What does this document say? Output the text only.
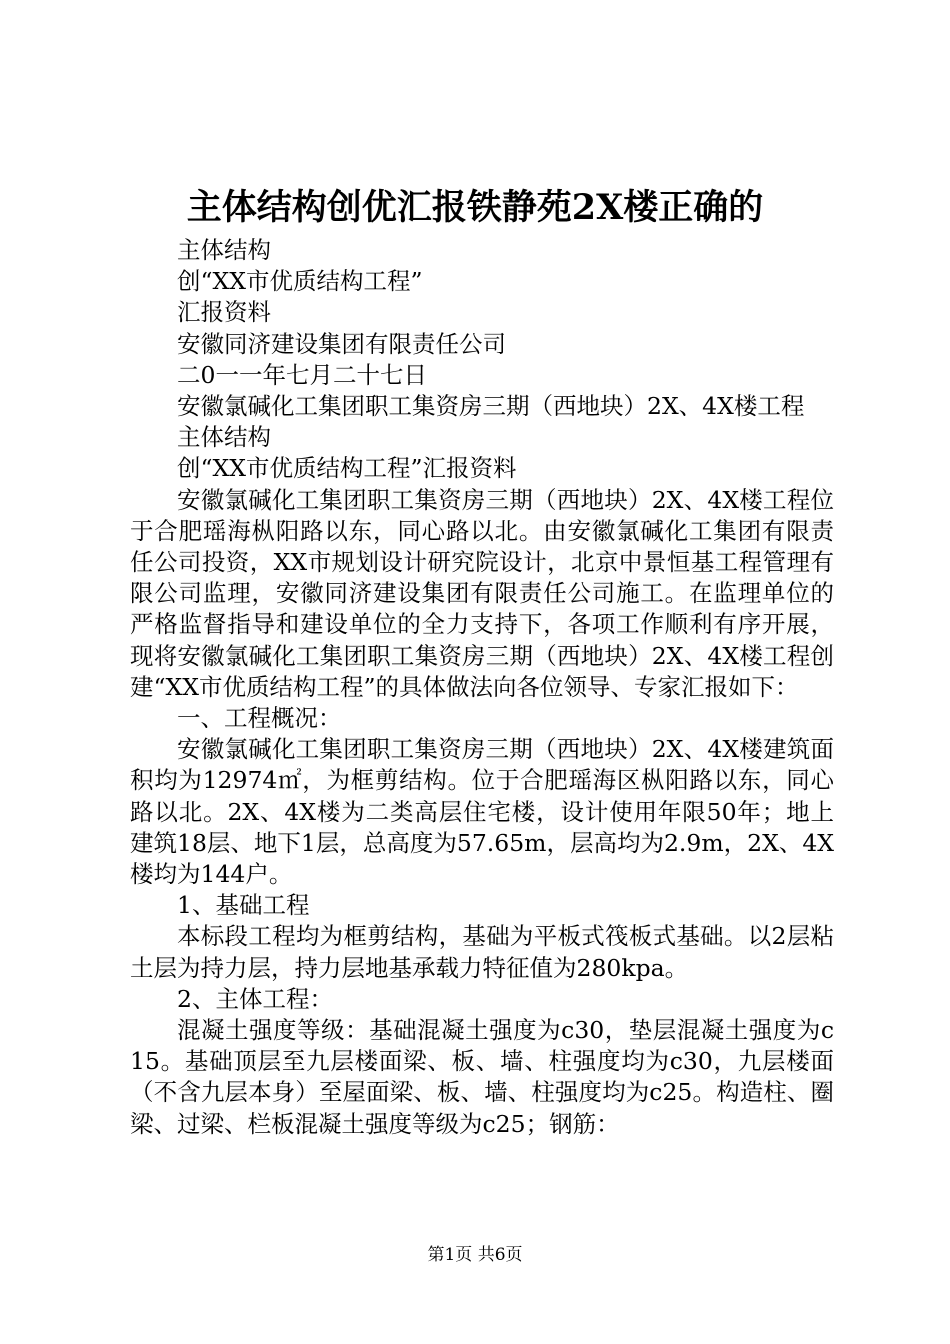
主体结构创优汇报铁静苑2X楼正确的

主体结构

创“XX市优质结构工程”

汇报资料

安徽同济建设集团有限责任公司

二0一一年七月二十七日

安徽氯碱化工集团职工集资房三期（西地块）2X、4X楼工程

主体结构

创“XX市优质结构工程”汇报资料

安徽氯碱化工集团职工集资房三期（西地块）2X、4X楼工程位于合肥瑶海枞阳路以东，同心路以北。由安徽氯碱化工集团有限责任公司投资，XX市规划设计研究院设计，北京中景恒基工程管理有限公司监理，安徽同济建设集团有限责任公司施工。在监理单位的严格监督指导和建设单位的全力支持下，各项工作顺利有序开展，现将安徽氯碱化工集团职工集资房三期（西地块）2X、4X楼工程创建“XX市优质结构工程”的具体做法向各位领导、专家汇报如下：

一、工程概况：

安徽氯碱化工集团职工集资房三期（西地块）2X、4X楼建筑面积均为12974㎡，为框剪结构。位于合肥瑶海区枞阳路以东，同心路以北。2X、4X楼为二类高层住宅楼，设计使用年限50年；地上建筑18层、地下1层，总高度为57.65m，层高均为2.9m，2X、4X楼均为144户。

1、基础工程

本标段工程均为框剪结构，基础为平板式筏板式基础。以2层粘土层为持力层，持力层地基承载力特征值为280kpa。

2、主体工程：

混凝土强度等级：基础混凝土强度为c30，垫层混凝土强度为c15。基础顶层至九层楼面梁、板、墙、柱强度均为c30，九层楼面（不含九层本身）至屋面梁、板、墙、柱强度均为c25。构造柱、圈梁、过梁、栏板混凝土强度等级为c25；钢筋：

第1页 共6页
